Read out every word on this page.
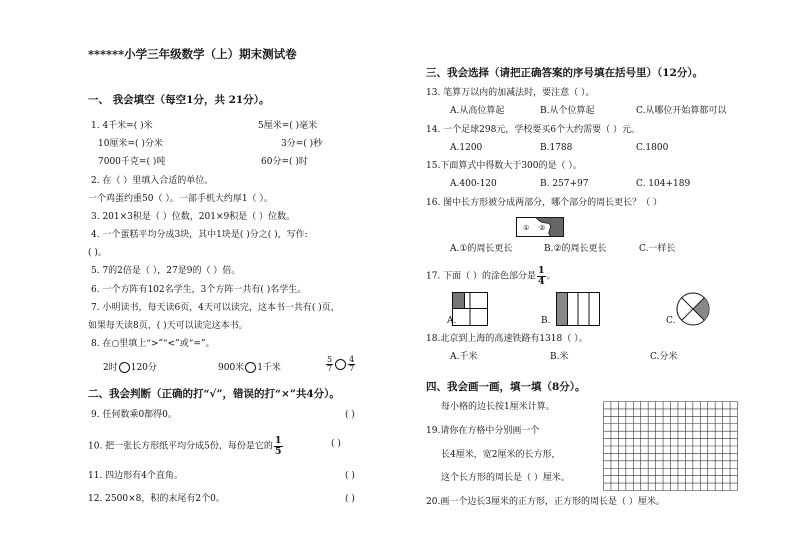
******小学三年级数学（上）期末测试卷
一、 我会填空（每空1分，共 21分）。
1. 4千米=( )米	5厘米=( )毫米
10厘米=( )分米	3分=( )秒
7000千克=( )吨	60分=( )时
2. 在（ ）里填入合适的单位。
一个鸡蛋约重50（ ）。一部手机大约厚1（ ）。
3. 201×3积是（ ）位数，201×9积是（ ）位数。
4. 一个蛋糕平均分成3块，其中1块是( )分之( )，写作:
( )。
5. 7的2倍是（ ），27是9的（ ）倍。
6. 一个方阵有102名学生，3个方阵一共有( )名学生。
7. 小明读书，每天读6页，4天可以读完，这本书一共有( )页，
如果每天读8页，( )天可以读完这本书。
8. 在○里填上“>”“<”或“=”。
2时 120分	900米 1千米	$\frac{5}{7} \frac{4}{7}$
二、我会判断（正确的打“√”，错误的打“×”共4分）。
9. 任何数乘0都得0。	( )
10. 把一张长方形纸平均分成5份，每份是它的 $\frac{1}{5}$	( )
11. 四边形有4个直角。	( )
12. 2500×8，积的末尾有2个0。	( )
三、我会选择（请把正确答案的序号填在括号里）（12分）。
13. 笔算万以内的加减法时，要注意（ ）。
A.从高位算起	B.从个位算起	C.从哪位开始算都可以
14. 一个足球298元，学校要买6个大约需要（ ）元。
A.1200	B.1788	C.1800
15.下面算式中得数大于300的是（ ）。
A.400-120	B. 257+97	C. 104+189
16. 图中长方形被分成两部分，哪个部分的周长更长？（ ）
① ②
A.①的周长更长	B.②的周长更长	C.一样长
17. 下面（ ）的涂色部分是 $\frac{1}{4}$ 。
A.	B.	C.
18.北京到上海的高速铁路有1318（ ）。
A.千米	B.米	C.分米
四、我会画一画，填一填（8分）。
每小格的边长按1厘米计算。
19.请你在方格中分别画一个
长4厘米，宽2厘米的长方形，
这个长方形的周长是（ ）厘米。
20.画一个边长3厘米的正方形，正方形的周长是（ ）厘米。
